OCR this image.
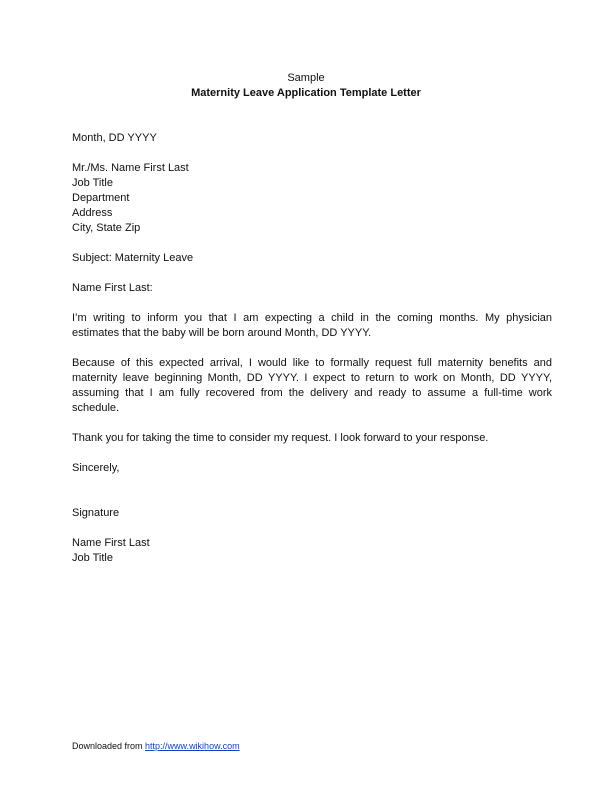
Sample
Maternity Leave Application Template Letter
Month, DD YYYY
Mr./Ms. Name First Last
Job Title
Department
Address
City, State Zip
Subject: Maternity Leave
Name First Last:
I’m writing to inform you that I am expecting a child in the coming months. My physician
estimates that the baby will be born around Month, DD YYYY.
Because of this expected arrival, I would like to formally request full maternity benefits and
maternity leave beginning Month, DD YYYY. I expect to return to work on Month, DD YYYY,
assuming that I am fully recovered from the delivery and ready to assume a full-time work
schedule.
Thank you for taking the time to consider my request. I look forward to your response.
Sincerely,
Signature
Name First Last
Job Title
Downloaded from http://www.wikihow.com
